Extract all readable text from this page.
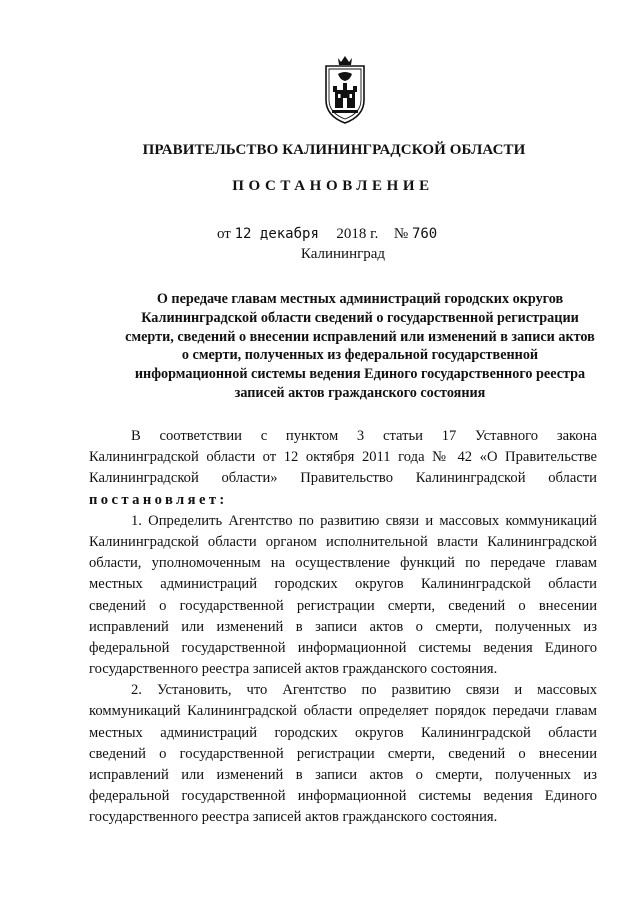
ПРАВИТЕЛЬСТВО КАЛИНИНГРАДСКОЙ ОБЛАСТИ
ПОСТАНОВЛЕНИЕ
от 12 декабря 2018 г. № 760
Калининград
О передаче главам местных администраций городских округов
Калининградской области сведений о государственной регистрации
смерти, сведений о внесении исправлений или изменений в записи актов
о смерти, полученных из федеральной государственной
информационной системы ведения Единого государственного реестра
записей актов гражданского состояния
В соответствии с пунктом 3 статьи 17 Уставного закона
Калининградской области от 12 октября 2011 года № 42 «О Правительстве
Калининградской области» Правительство Калининградской области
постановляет:
1. Определить Агентство по развитию связи и массовых коммуникаций
Калининградской области органом исполнительной власти Калининградской
области, уполномоченным на осуществление функций по передаче главам
местных администраций городских округов Калининградской области
сведений о государственной регистрации смерти, сведений о внесении
исправлений или изменений в записи актов о смерти, полученных из
федеральной государственной информационной системы ведения Единого
государственного реестра записей актов гражданского состояния.
2. Установить, что Агентство по развитию связи и массовых
коммуникаций Калининградской области определяет порядок передачи главам
местных администраций городских округов Калининградской области
сведений о государственной регистрации смерти, сведений о внесении
исправлений или изменений в записи актов о смерти, полученных из
федеральной государственной информационной системы ведения Единого
государственного реестра записей актов гражданского состояния.
